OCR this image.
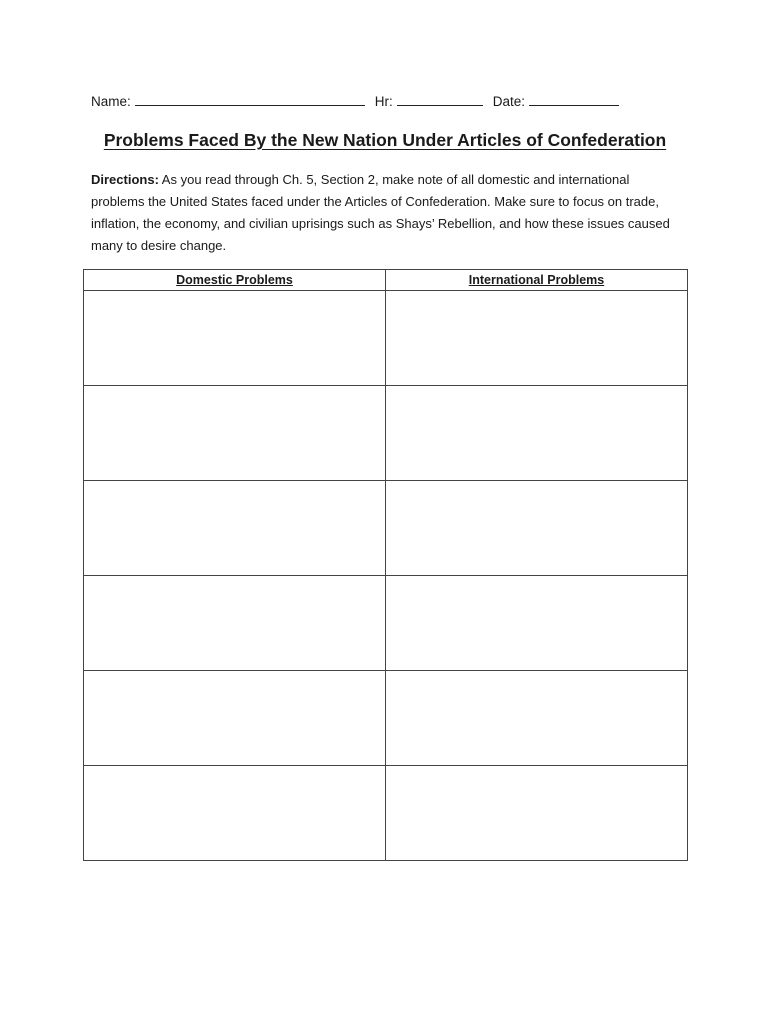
Name:	Hr:	Date:
Problems Faced By the New Nation Under Articles of Confederation
Directions: As you read through Ch. 5, Section 2, make note of all domestic and international problems the United States faced under the Articles of Confederation. Make sure to focus on trade, inflation, the economy, and civilian uprisings such as Shays’ Rebellion, and how these issues caused many to desire change.
Domestic Problems	International Problems
